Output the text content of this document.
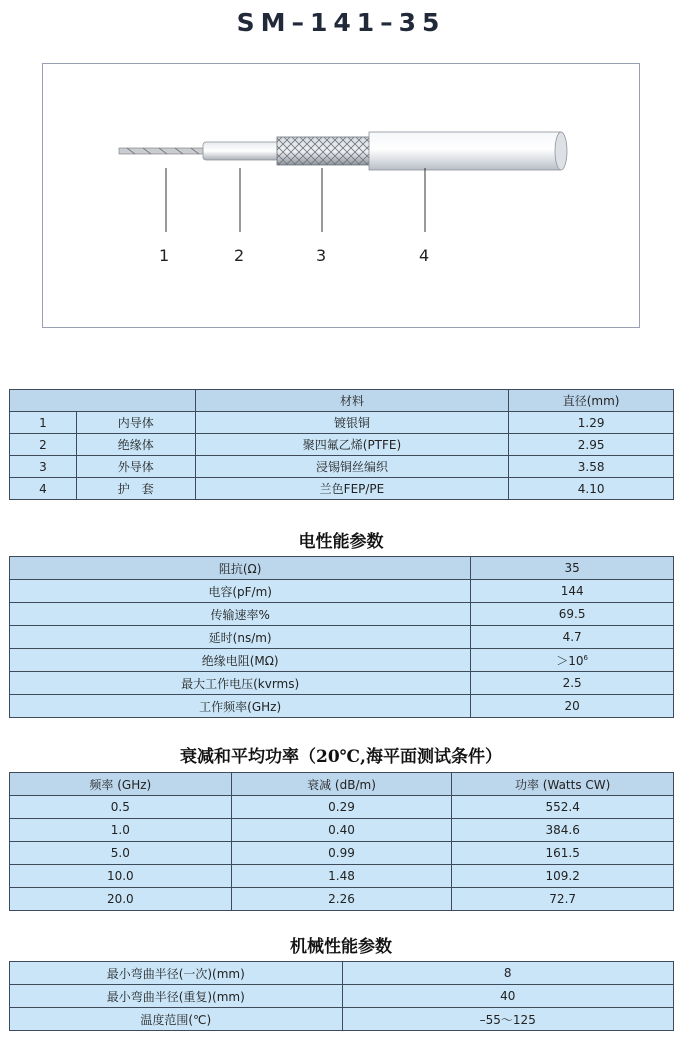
SM–141–35
1	2	3	4
		材料	直径(mm)
1	内导体	镀银铜	1.29
2	绝缘体	聚四氟乙烯(PTFE)	2.95
3	外导体	浸锡铜丝编织	3.58
4	护　套	兰色FEP/PE	4.10
电性能参数
阻抗(Ω)	35
电容(pF/m)	144
传输速率%	69.5
延时(ns/m)	4.7
绝缘电阻(MΩ)	$>10^6$
最大工作电压(kvrms)	2.5
工作频率(GHz)	20
衰减和平均功率（20℃,海平面测试条件）
频率 (GHz)	衰减 (dB/m)	功率 (Watts CW)
0.5	0.29	552.4
1.0	0.40	384.6
5.0	0.99	161.5
10.0	1.48	109.2
20.0	2.26	72.7
机械性能参数
最小弯曲半径(一次)(mm)	8
最小弯曲半径(重复)(mm)	40
温度范围(℃)	–55～125
